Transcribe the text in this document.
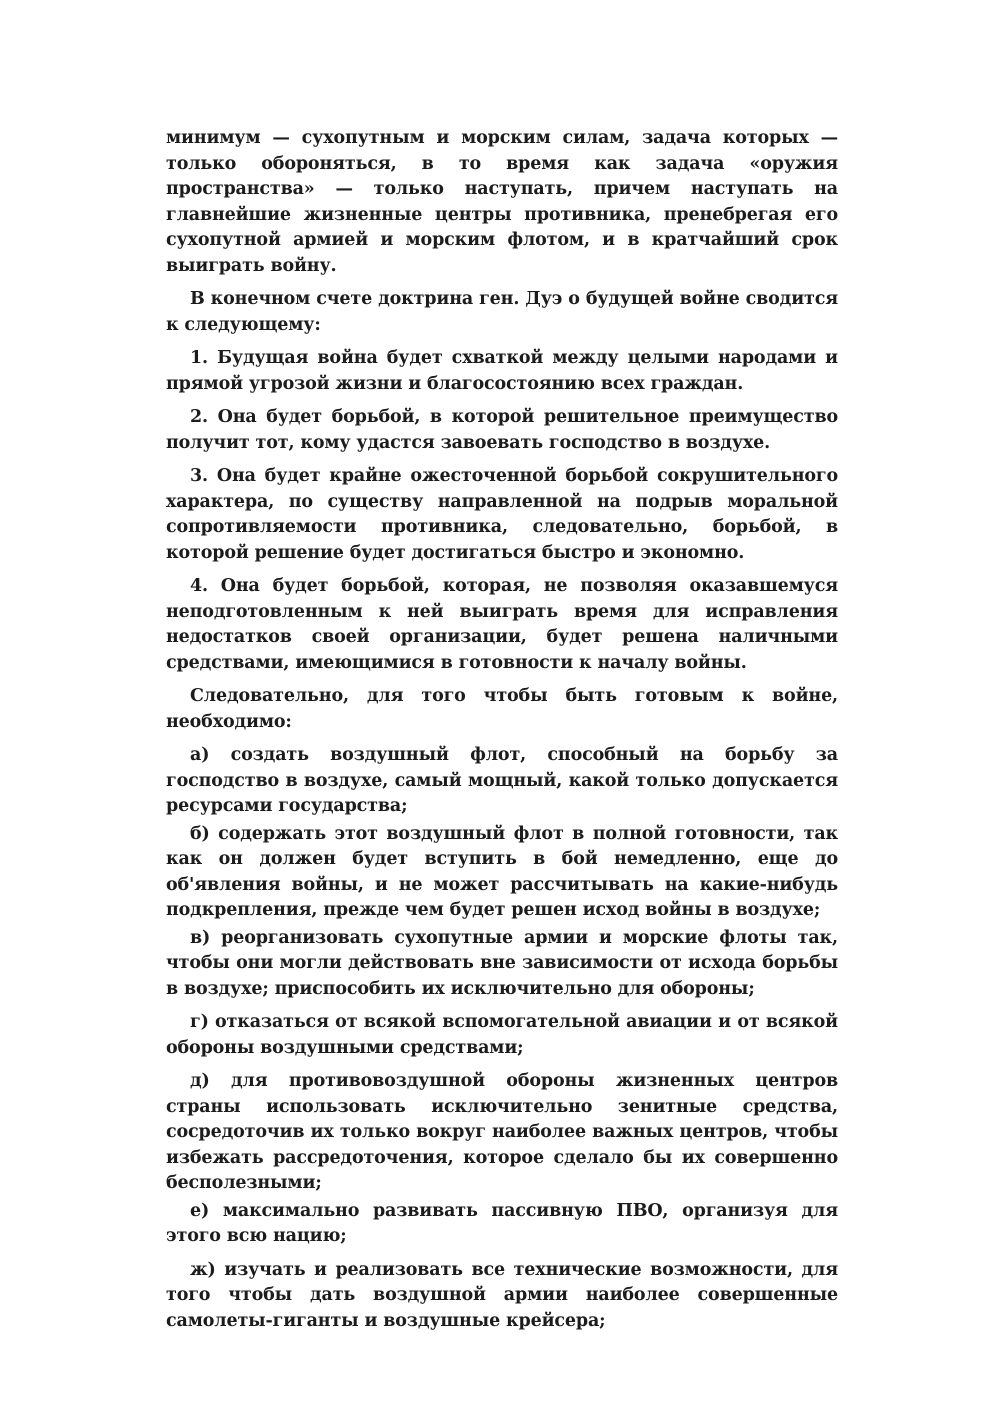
минимум — сухопутным и морским силам, задача которых — только обороняться, в то время как задача «оружия пространства» — только наступать, причем наступать на главнейшие жизненные центры противника, пренебрегая его сухопутной армией и морским флотом, и в кратчайший срок выиграть войну.

В конечном счете доктрина ген. Дуэ о будущей войне сводится к следующему:

1. Будущая война будет схваткой между целыми народами и прямой угрозой жизни и благосостоянию всех граждан.

2. Она будет борьбой, в которой решительное преимущество получит тот, кому удастся завоевать господство в воздухе.

3. Она будет крайне ожесточенной борьбой сокрушительного характера, по существу направленной на подрыв моральной сопротивляемости противника, следовательно, борьбой, в которой решение будет достигаться быстро и экономно.

4. Она будет борьбой, которая, не позволяя оказавшемуся неподготовленным к ней выиграть время для исправления недостатков своей организации, будет решена наличными средствами, имеющимися в готовности к началу войны.

Следовательно, для того чтобы быть готовым к войне, необходимо:

а) создать воздушный флот, способный на борьбу за господство в воздухе, самый мощный, какой только допускается ресурсами государства;

б) содержать этот воздушный флот в полной готовности, так как он должен будет вступить в бой немедленно, еще до об'явления войны, и не может рассчитывать на какие-нибудь подкрепления, прежде чем будет решен исход войны в воздухе;

в) реорганизовать сухопутные армии и морские флоты так, чтобы они могли действовать вне зависимости от исхода борьбы в воздухе; приспособить их исключительно для обороны;

г) отказаться от всякой вспомогательной авиации и от всякой обороны воздушными средствами;

д) для противовоздушной обороны жизненных центров страны использовать исключительно зенитные средства, сосредоточив их только вокруг наиболее важных центров, чтобы избежать рассредоточения, которое сделало бы их совершенно бесполезными;

е) максимально развивать пассивную ПВО, организуя для этого всю нацию;

ж) изучать и реализовать все технические возможности, для того чтобы дать воздушной армии наиболее совершенные самолеты-гиганты и воздушные крейсера;
